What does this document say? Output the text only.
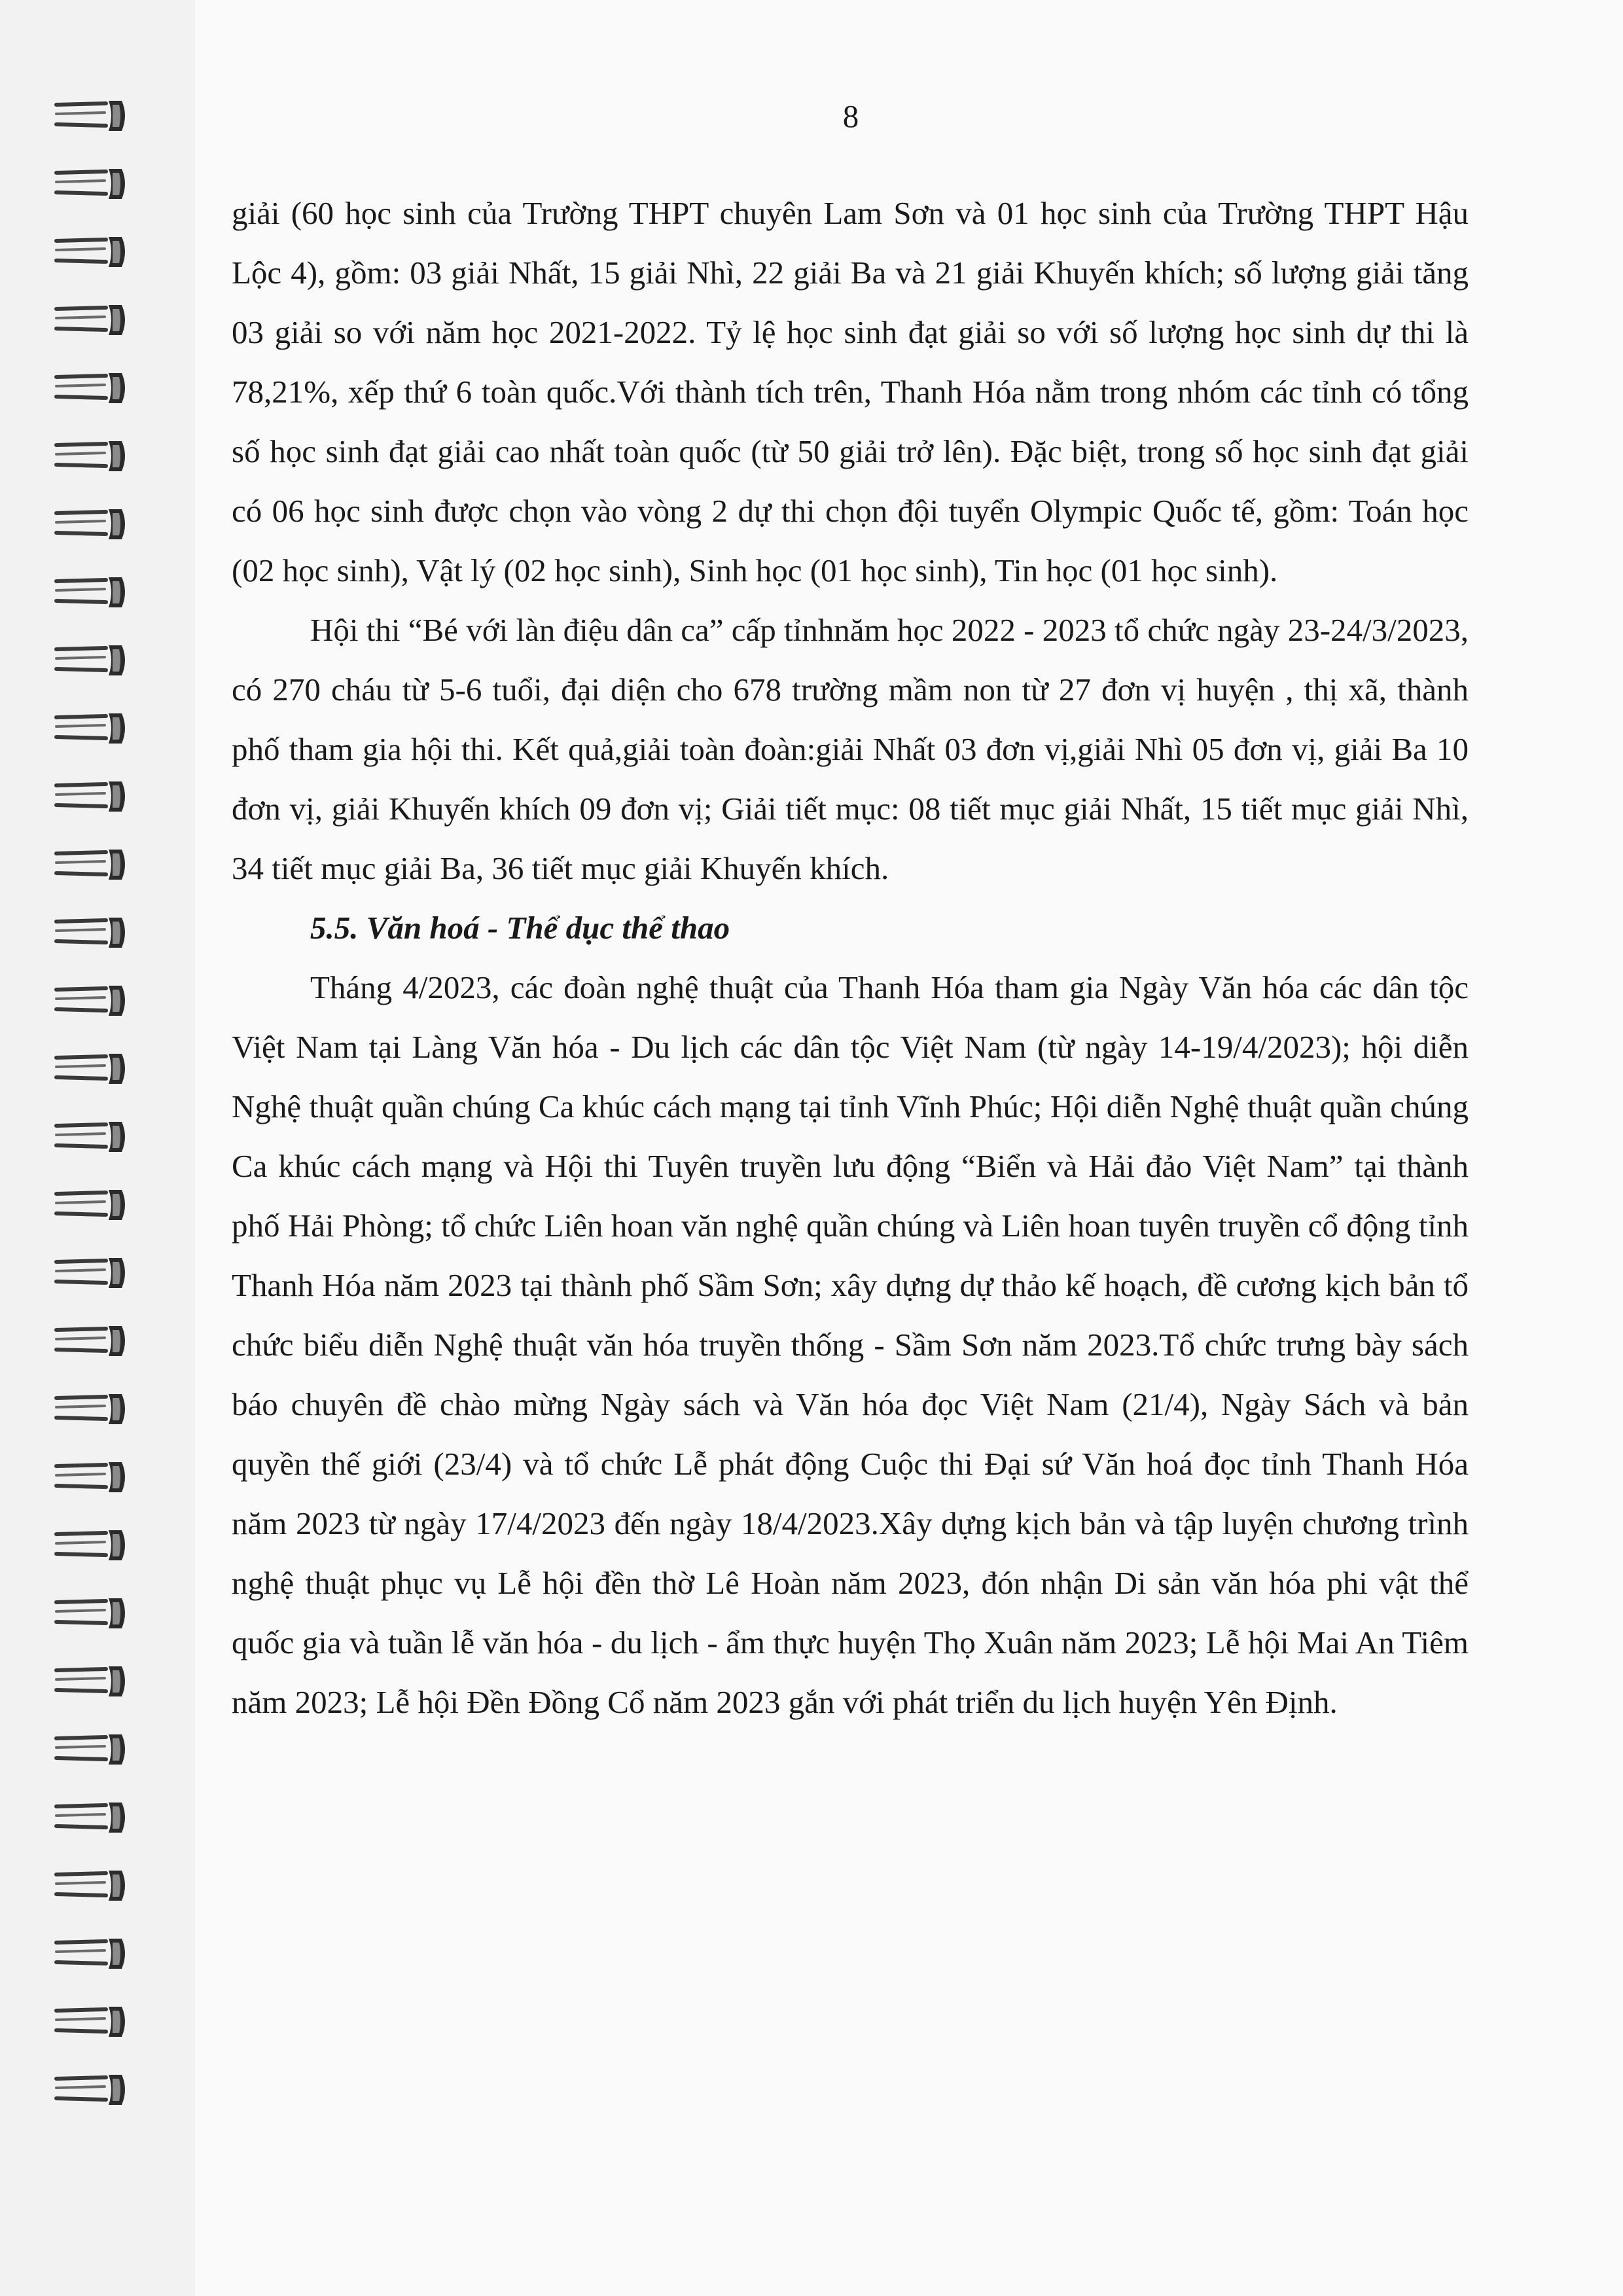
8

giải (60 học sinh của Trường THPT chuyên Lam Sơn và 01 học sinh của Trường THPT Hậu Lộc 4), gồm: 03 giải Nhất, 15 giải Nhì, 22 giải Ba và 21 giải Khuyến khích; số lượng giải tăng 03 giải so với năm học 2021-2022. Tỷ lệ học sinh đạt giải so với số lượng học sinh dự thi là 78,21%, xếp thứ 6 toàn quốc.Với thành tích trên, Thanh Hóa nằm trong nhóm các tỉnh có tổng số học sinh đạt giải cao nhất toàn quốc (từ 50 giải trở lên). Đặc biệt, trong số học sinh đạt giải có 06 học sinh được chọn vào vòng 2 dự thi chọn đội tuyển Olympic Quốc tế, gồm: Toán học (02 học sinh), Vật lý (02 học sinh), Sinh học (01 học sinh), Tin học (01 học sinh).

Hội thi “Bé với làn điệu dân ca” cấp tỉnhnăm học 2022 - 2023 tổ chức ngày 23-24/3/2023, có 270 cháu từ 5-6 tuổi, đại diện cho 678 trường mầm non từ 27 đơn vị huyện , thị xã, thành phố tham gia hội thi. Kết quả,giải toàn đoàn:giải Nhất 03 đơn vị,giải Nhì 05 đơn vị, giải Ba 10 đơn vị, giải Khuyến khích 09 đơn vị; Giải tiết mục: 08 tiết mục giải Nhất, 15 tiết mục giải Nhì, 34 tiết mục giải Ba, 36 tiết mục giải Khuyến khích.

5.5. Văn hoá - Thể dục thể thao

Tháng 4/2023, các đoàn nghệ thuật của Thanh Hóa tham gia Ngày Văn hóa các dân tộc Việt Nam tại Làng Văn hóa - Du lịch các dân tộc Việt Nam (từ ngày 14-19/4/2023); hội diễn Nghệ thuật quần chúng Ca khúc cách mạng tại tỉnh Vĩnh Phúc; Hội diễn Nghệ thuật quần chúng Ca khúc cách mạng và Hội thi Tuyên truyền lưu động “Biển và Hải đảo Việt Nam” tại thành phố Hải Phòng; tổ chức Liên hoan văn nghệ quần chúng và Liên hoan tuyên truyền cổ động tỉnh Thanh Hóa năm 2023 tại thành phố Sầm Sơn; xây dựng dự thảo kế hoạch, đề cương kịch bản tổ chức biểu diễn Nghệ thuật văn hóa truyền thống - Sầm Sơn năm 2023.Tổ chức trưng bày sách báo chuyên đề chào mừng Ngày sách và Văn hóa đọc Việt Nam (21/4), Ngày Sách và bản quyền thế giới (23/4) và tổ chức Lễ phát động Cuộc thi Đại sứ Văn hoá đọc tỉnh Thanh Hóa năm 2023 từ ngày 17/4/2023 đến ngày 18/4/2023.Xây dựng kịch bản và tập luyện chương trình nghệ thuật phục vụ Lễ hội đền thờ Lê Hoàn năm 2023, đón nhận Di sản văn hóa phi vật thể quốc gia và tuần lễ văn hóa - du lịch - ẩm thực huyện Thọ Xuân năm 2023; Lễ hội Mai An Tiêm năm 2023; Lễ hội Đền Đồng Cổ năm 2023 gắn với phát triển du lịch huyện Yên Định.
